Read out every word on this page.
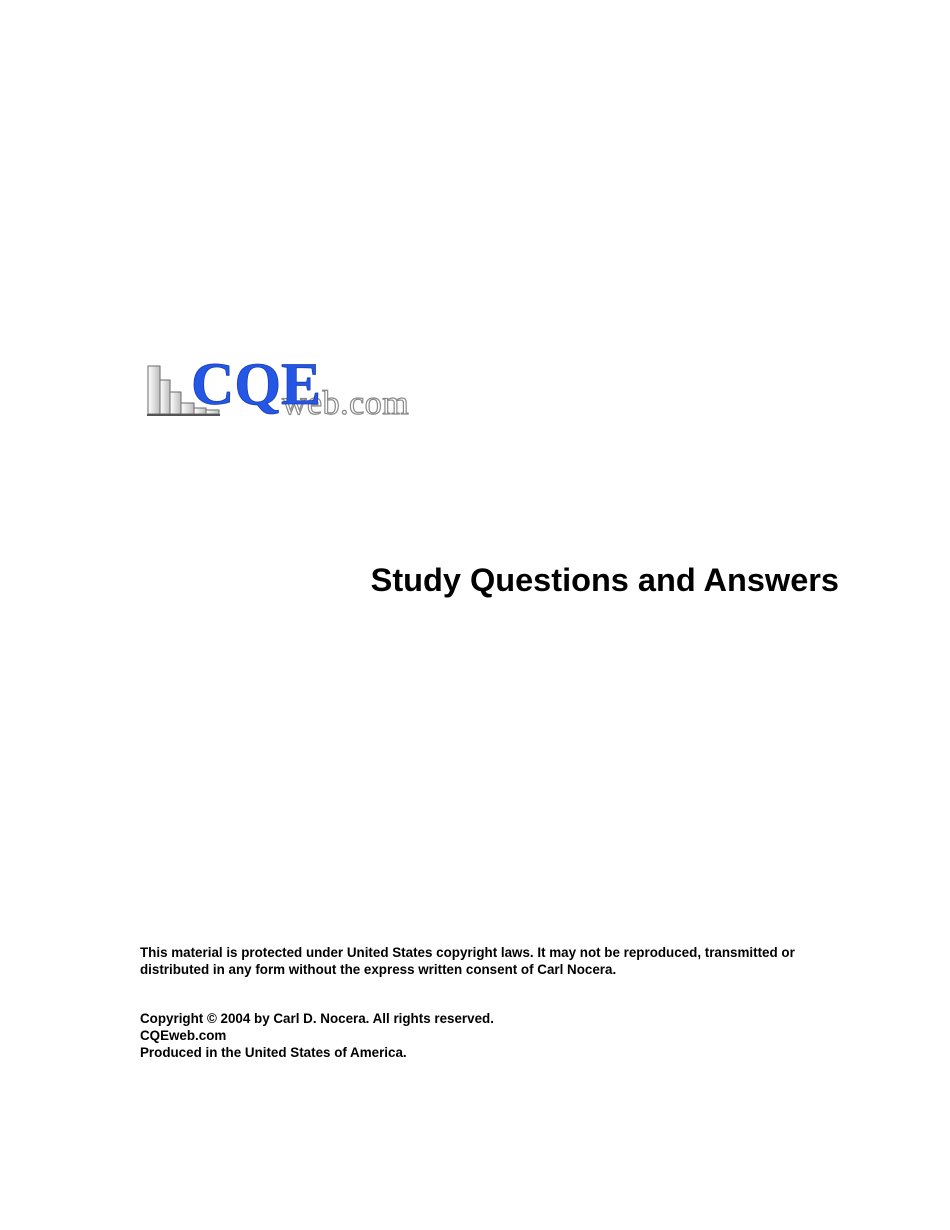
web.com
CQE
Study Questions and Answers

This material is protected under United States copyright laws. It may not be reproduced, transmitted or

distributed in any form without the express written consent of Carl Nocera.

Copyright © 2004 by Carl D. Nocera. All rights reserved.

CQEweb.com

Produced in the United States of America.
